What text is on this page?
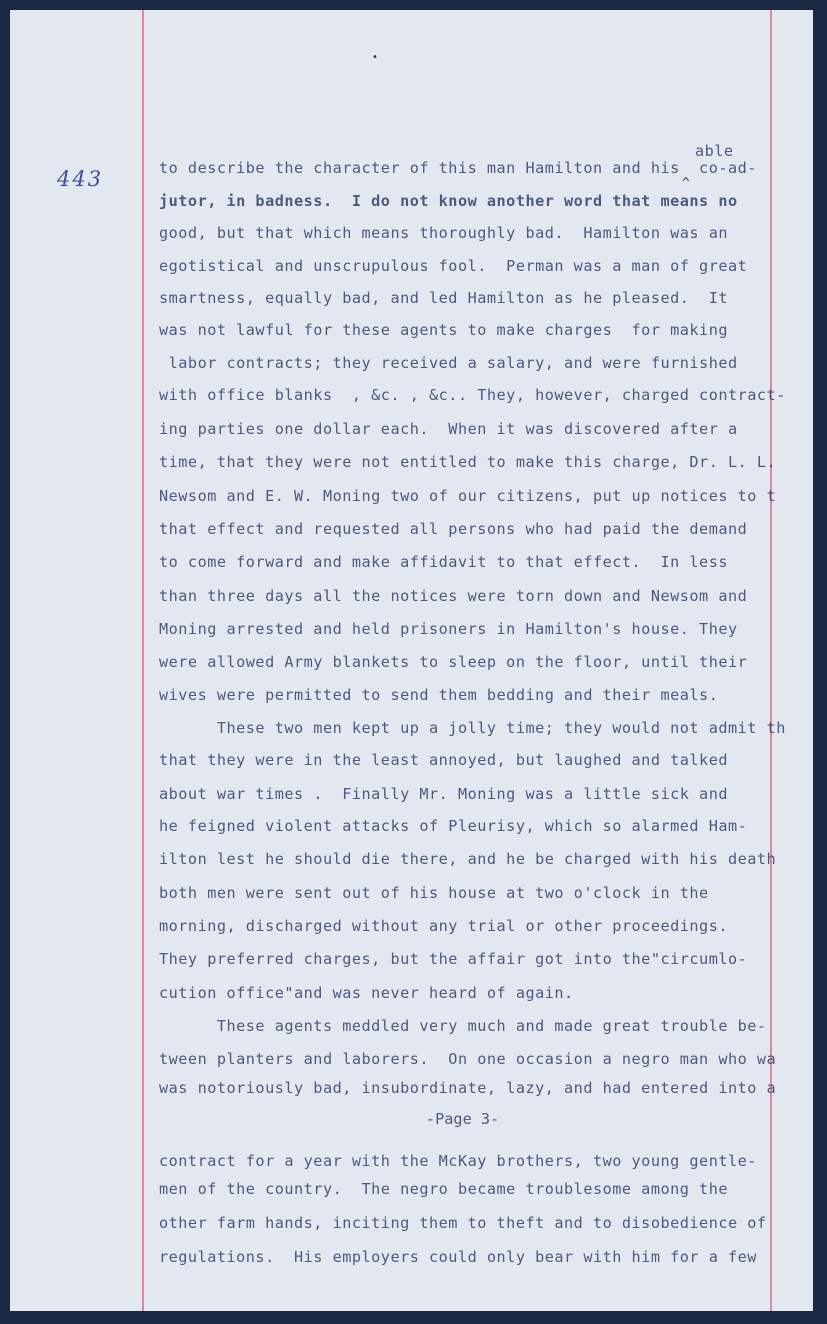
•
443
able
^
to describe the character of this man Hamilton and his  co-ad-
jutor, in badness.  I do not know another word that means no
good, but that which means thoroughly bad.  Hamilton was an
egotistical and unscrupulous fool.  Perman was a man of great
smartness, equally bad, and led Hamilton as he pleased.  It
was not lawful for these agents to make charges  for making
labor contracts; they received a salary, and were furnished
with office blanks  , &c. , &c.. They, however, charged contract-
ing parties one dollar each.  When it was discovered after a
time, that they were not entitled to make this charge, Dr. L. L.
Newsom and E. W. Moning two of our citizens, put up notices to t
that effect and requested all persons who had paid the demand
to come forward and make affidavit to that effect.  In less
than three days all the notices were torn down and Newsom and
Moning arrested and held prisoners in Hamilton's house. They
were allowed Army blankets to sleep on the floor, until their
wives were permitted to send them bedding and their meals.
These two men kept up a jolly time; they would not admit th
that they were in the least annoyed, but laughed and talked
about war times .  Finally Mr. Moning was a little sick and
he feigned violent attacks of Pleurisy, which so alarmed Ham-
ilton lest he should die there, and he be charged with his death
both men were sent out of his house at two o'clock in the
morning, discharged without any trial or other proceedings.
They preferred charges, but the affair got into the"circumlo-
cution office"and was never heard of again.
These agents meddled very much and made great trouble be-
tween planters and laborers.  On one occasion a negro man who wa
was notoriously bad, insubordinate, lazy, and had entered into a
-Page 3-
contract for a year with the McKay brothers, two young gentle-
men of the country.  The negro became troublesome among the
other farm hands, inciting them to theft and to disobedience of
regulations.  His employers could only bear with him for a few
